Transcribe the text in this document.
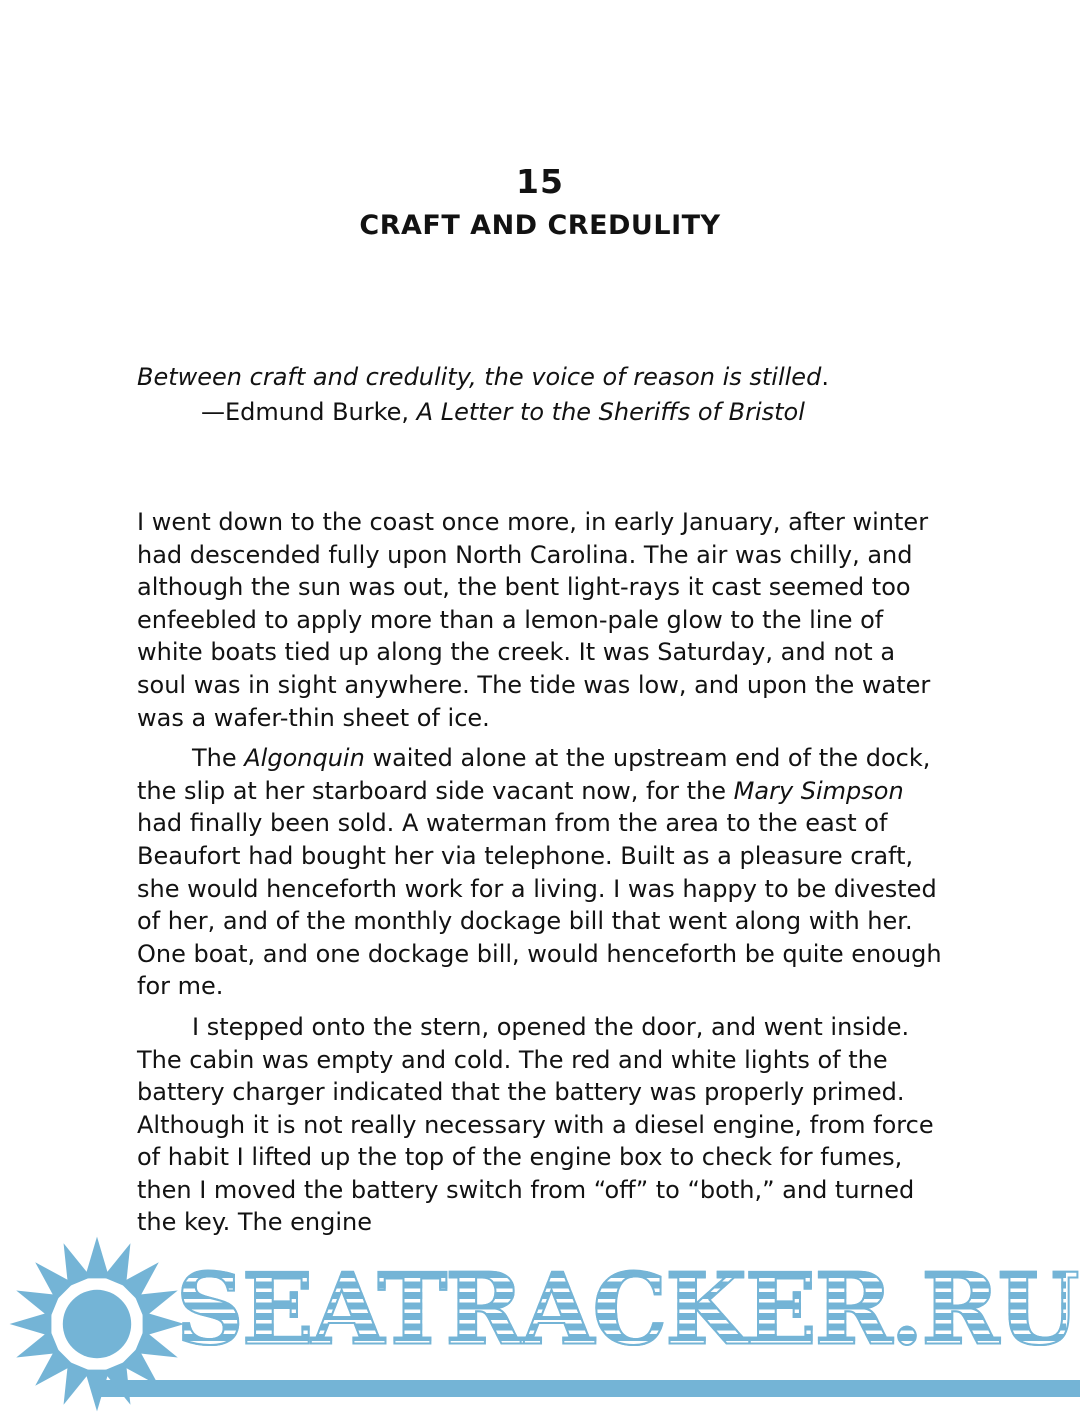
15
CRAFT AND CREDULITY
Between craft and credulity, the voice of reason is stilled.
—Edmund Burke, A Letter to the Sheriffs of Bristol

I went down to the coast once more, in early January, after winter had descended fully upon North Carolina. The air was chilly, and although the sun was out, the bent light-rays it cast seemed too enfeebled to apply more than a lemon-pale glow to the line of white boats tied up along the creek. It was Saturday, and not a soul was in sight anywhere. The tide was low, and upon the water was a wafer-thin sheet of ice.

The Algonquin waited alone at the upstream end of the dock, the slip at her starboard side vacant now, for the Mary Simpson had finally been sold. A waterman from the area to the east of Beaufort had bought her via telephone. Built as a pleasure craft, she would henceforth work for a living. I was happy to be divested of her, and of the monthly dockage bill that went along with her. One boat, and one dockage bill, would henceforth be quite enough for me.

I stepped onto the stern, opened the door, and went inside. The cabin was empty and cold. The red and white lights of the battery charger indicated that the battery was properly primed. Although it is not really necessary with a diesel engine, from force of habit I lifted up the top of the engine box to check for fumes, then I moved the battery switch from “off” to “both,” and turned the key. The engine

SEATRACKER.RU
